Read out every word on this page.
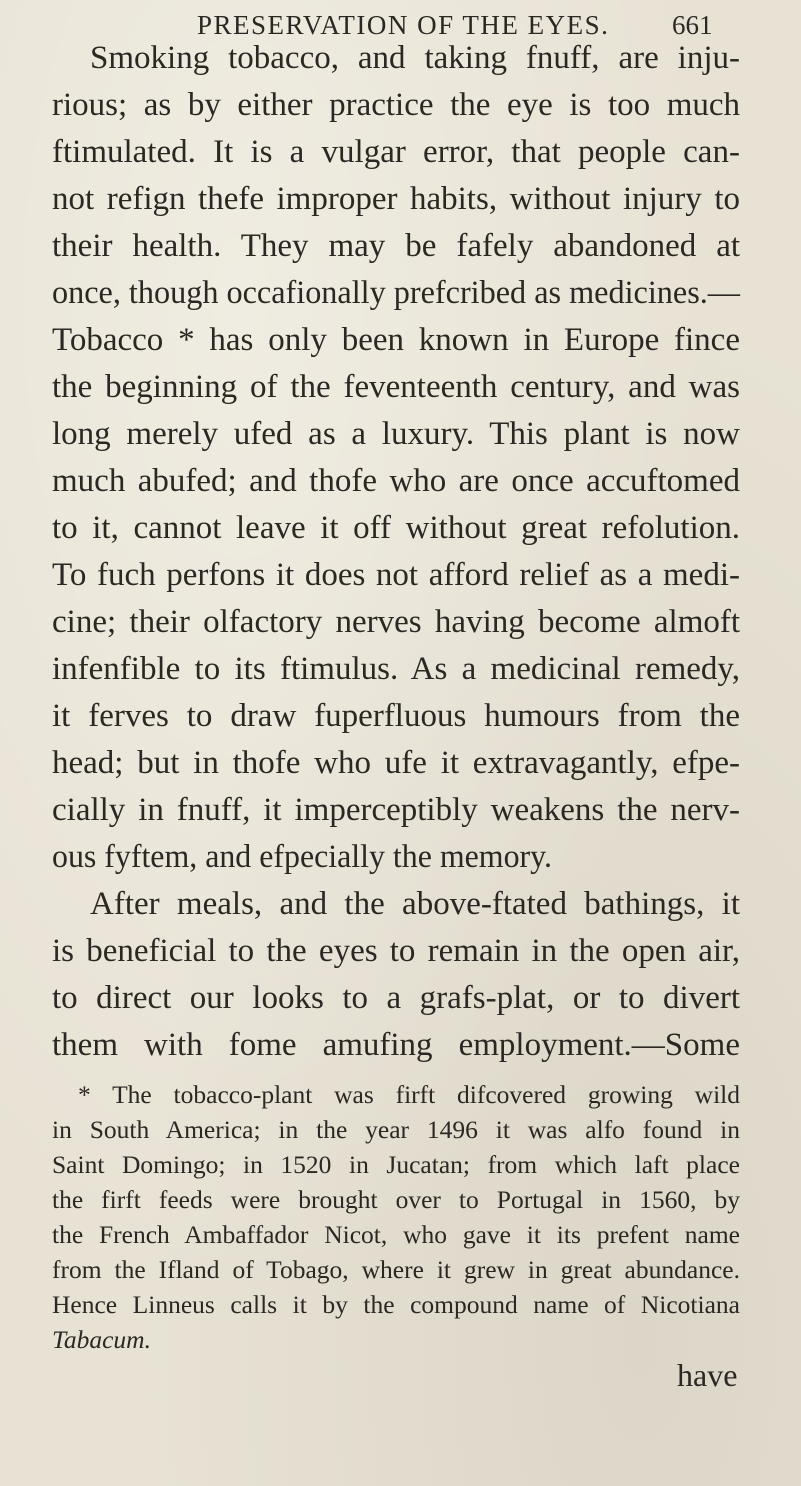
PRESERVATION OF THE EYES. 661
Smoking tobacco, and taking fnuff, are inju-
rious; as by either practice the eye is too much
ftimulated. It is a vulgar error, that people can-
not refign thefe improper habits, without injury to
their health. They may be fafely abandoned at
once, though occafionally prefcribed as medicines.—
Tobacco * has only been known in Europe fince
the beginning of the feventeenth century, and was
long merely ufed as a luxury. This plant is now
much abufed; and thofe who are once accuftomed
to it, cannot leave it off without great refolution.
To fuch perfons it does not afford relief as a medi-
cine; their olfactory nerves having become almoft
infenfible to its ftimulus. As a medicinal remedy,
it ferves to draw fuperfluous humours from the
head; but in thofe who ufe it extravagantly, efpe-
cially in fnuff, it imperceptibly weakens the nerv-
ous fyftem, and efpecially the memory.
After meals, and the above-ftated bathings, it
is beneficial to the eyes to remain in the open air,
to direct our looks to a grafs-plat, or to divert
them with fome amufing employment.—Some
* The tobacco-plant was firft difcovered growing wild
in South America; in the year 1496 it was alfo found in
Saint Domingo; in 1520 in Jucatan; from which laft place
the firft feeds were brought over to Portugal in 1560, by
the French Ambaffador Nicot, who gave it its prefent name
from the Ifland of Tobago, where it grew in great abundance.
Hence Linneus calls it by the compound name of Nicotiana
Tabacum.
have
